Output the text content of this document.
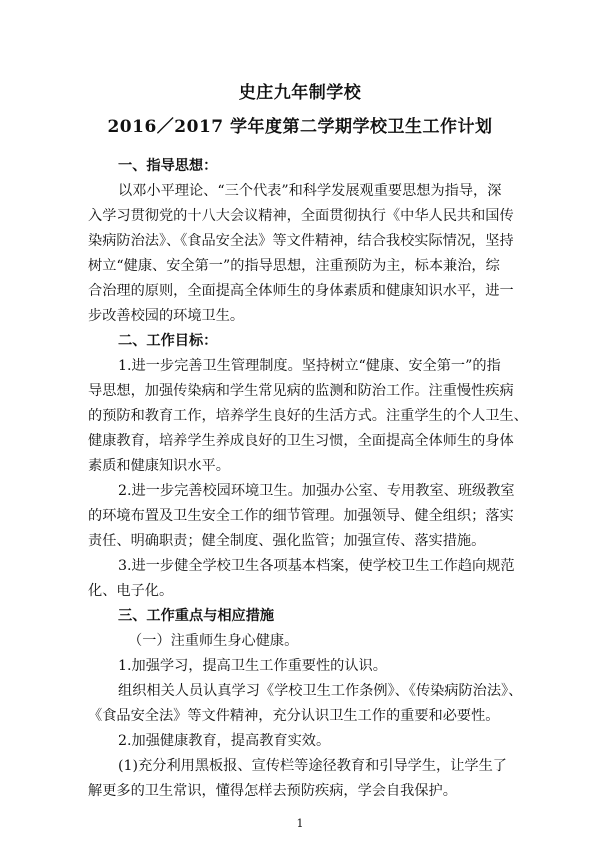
史庄九年制学校
2016／2017 学年度第二学期学校卫生工作计划
一、指导思想：
以邓小平理论、“三个代表”和科学发展观重要思想为指导，深
入学习贯彻党的十八大会议精神，全面贯彻执行《中华人民共和国传
染病防治法》、《食品安全法》等文件精神，结合我校实际情况，坚持
树立“健康、安全第一”的指导思想，注重预防为主，标本兼治，综
合治理的原则，全面提高全体师生的身体素质和健康知识水平，进一
步改善校园的环境卫生。
二、工作目标：
1.进一步完善卫生管理制度。坚持树立“健康、安全第一”的指
导思想，加强传染病和学生常见病的监测和防治工作。注重慢性疾病
的预防和教育工作，培养学生良好的生活方式。注重学生的个人卫生、
健康教育，培养学生养成良好的卫生习惯，全面提高全体师生的身体
素质和健康知识水平。
2.进一步完善校园环境卫生。加强办公室、专用教室、班级教室
的环境布置及卫生安全工作的细节管理。加强领导、健全组织；落实
责任、明确职责；健全制度、强化监管；加强宣传、落实措施。
3.进一步健全学校卫生各项基本档案，使学校卫生工作趋向规范
化、电子化。
三、工作重点与相应措施
（一）注重师生身心健康。
1.加强学习，提高卫生工作重要性的认识。
组织相关人员认真学习《学校卫生工作条例》、《传染病防治法》、
《食品安全法》等文件精神，充分认识卫生工作的重要和必要性。
2.加强健康教育，提高教育实效。
(1)充分利用黑板报、宣传栏等途径教育和引导学生，让学生了
解更多的卫生常识，懂得怎样去预防疾病，学会自我保护。
1
